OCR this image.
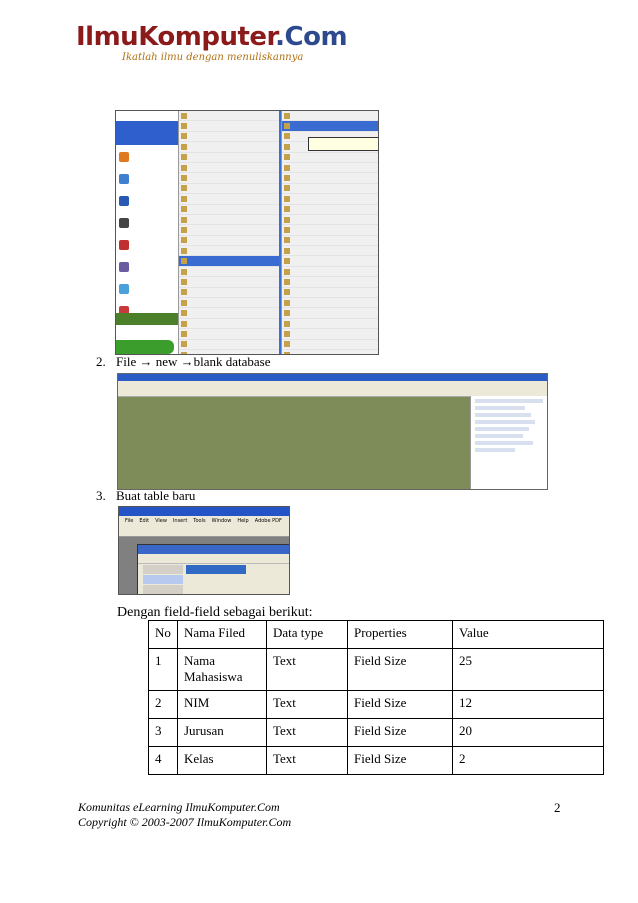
IlmuKomputer.Com
Ikatlah ilmu dengan menuliskannya
2. File → new →blank database
3. Buat table baru
File Edit View Insert Tools Window Help Adobe PDF
Dengan field-field sebagai berikut:
No	Nama Filed	Data type	Properties	Value
1	Nama Mahasiswa	Text	Field Size	25
2	NIM	Text	Field Size	12
3	Jurusan	Text	Field Size	20
4	Kelas	Text	Field Size	2
Komunitas eLearning IlmuKomputer.Com
Copyright © 2003-2007 IlmuKomputer.Com
2
